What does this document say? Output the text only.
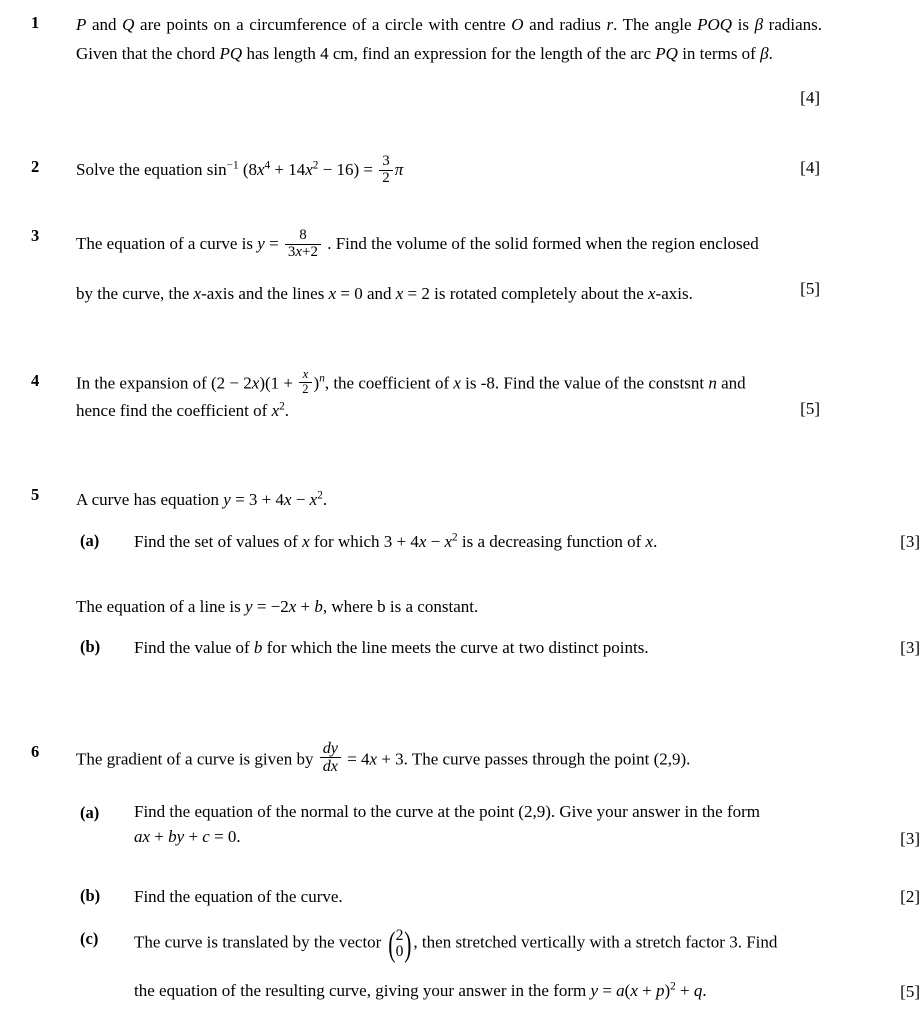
1	P and Q are points on a circumference of a circle with centre O and radius r. The angle POQ is β radians. Given that the chord PQ has length 4 cm, find an expression for the length of the arc PQ in terms of β.
[4]
2	Solve the equation $\sin^{-1} (8x^4 + 14x^2 - 16) = \frac{3}{2}$ π	[4]
3	The equation of a curve is $y = \frac{8}{3x+2}$ . Find the volume of the solid formed when the region enclosed
by the curve, the x-axis and the lines x = 0 and x = 2 is rotated completely about the x-axis.	[5]
4	In the expansion of $(2 - 2x)(1 + \frac{x}{2} )^n$, the coefficient of x is -8. Find the value of the constsnt n and
hence find the coefficient of $x^2$.	[5]
5	A curve has equation $y = 3 + 4x - x^2$.
(a) Find the set of values of x for which $3 + 4x - x^2$ is a decreasing function of x.	[3]
The equation of a line is y = −2x + b, where b is a constant.
(b) Find the value of b for which the line meets the curve at two distinct points.	[3]
6	The gradient of a curve is given by $\frac{dy}{dx} = 4x + 3$. The curve passes through the point (2,9).
(a) Find the equation of the normal to the curve at the point (2,9). Give your answer in the form
ax + by + c = 0.	[3]
(b) Find the equation of the curve.	[2]
(c) The curve is translated by the vector ( 2
0 ) , then stretched vertically with a stretch factor 3. Find
the equation of the resulting curve, giving your answer in the form $y = a(x + p)^2 + q$.	[5]
